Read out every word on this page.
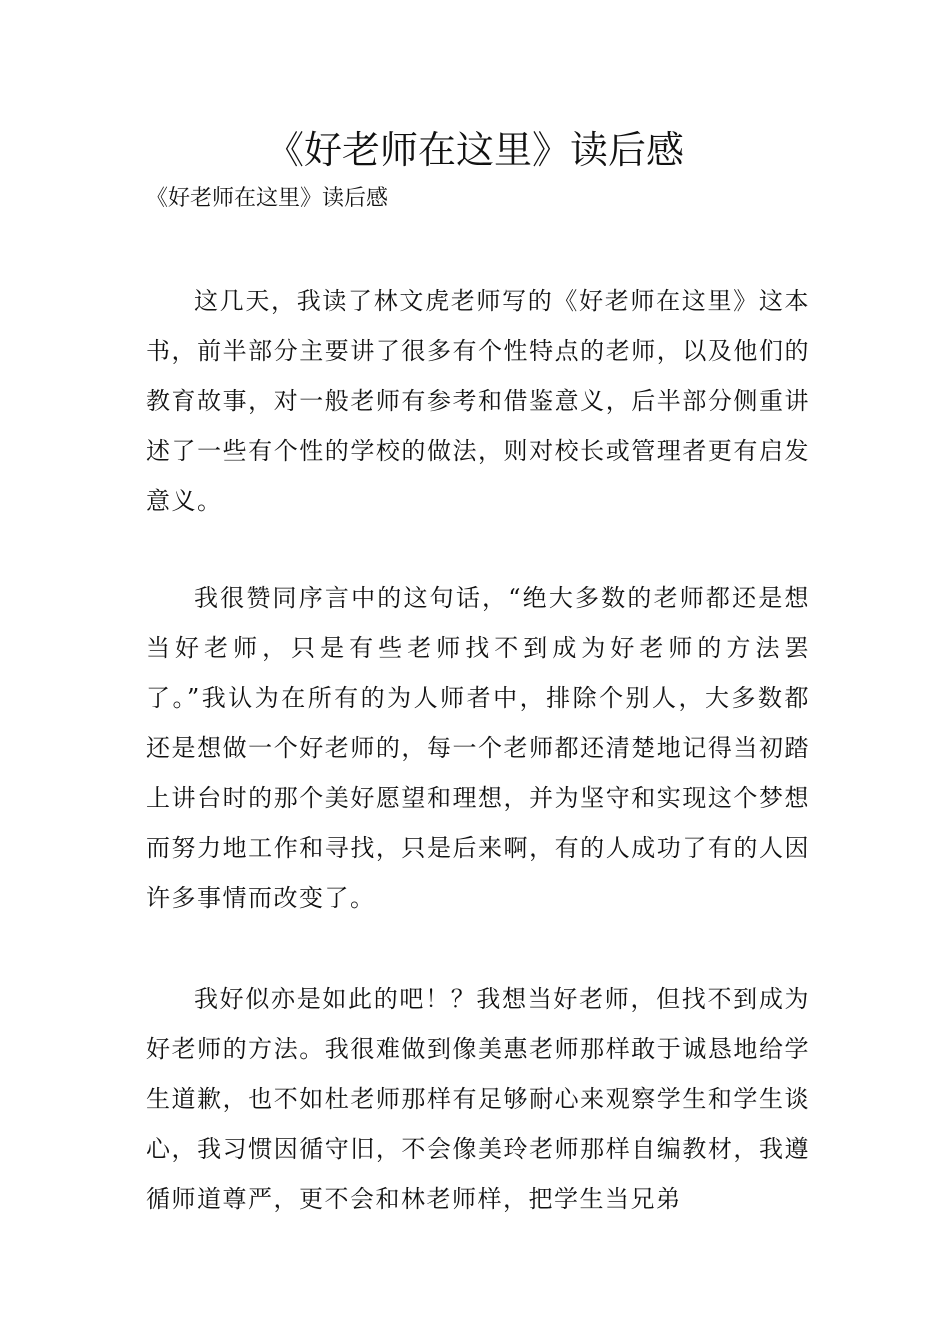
《好老师在这里》读后感

《好老师在这里》读后感

这几天，我读了林文虎老师写的《好老师在这里》这本书，前半部分主要讲了很多有个性特点的老师，以及他们的教育故事，对一般老师有参考和借鉴意义，后半部分侧重讲述了一些有个性的学校的做法，则对校长或管理者更有启发意义。

我很赞同序言中的这句话，“绝大多数的老师都还是想当好老师，只是有些老师找不到成为好老师的方法罢了。”我认为在所有的为人师者中，排除个别人，大多数都还是想做一个好老师的，每一个老师都还清楚地记得当初踏上讲台时的那个美好愿望和理想，并为坚守和实现这个梦想而努力地工作和寻找，只是后来啊，有的人成功了有的人因许多事情而改变了。

我好似亦是如此的吧！？我想当好老师，但找不到成为好老师的方法。我很难做到像美惠老师那样敢于诚恳地给学生道歉，也不如杜老师那样有足够耐心来观察学生和学生谈心，我习惯因循守旧，不会像美玲老师那样自编教材，我遵循师道尊严，更不会和林老师样，把学生当兄弟
